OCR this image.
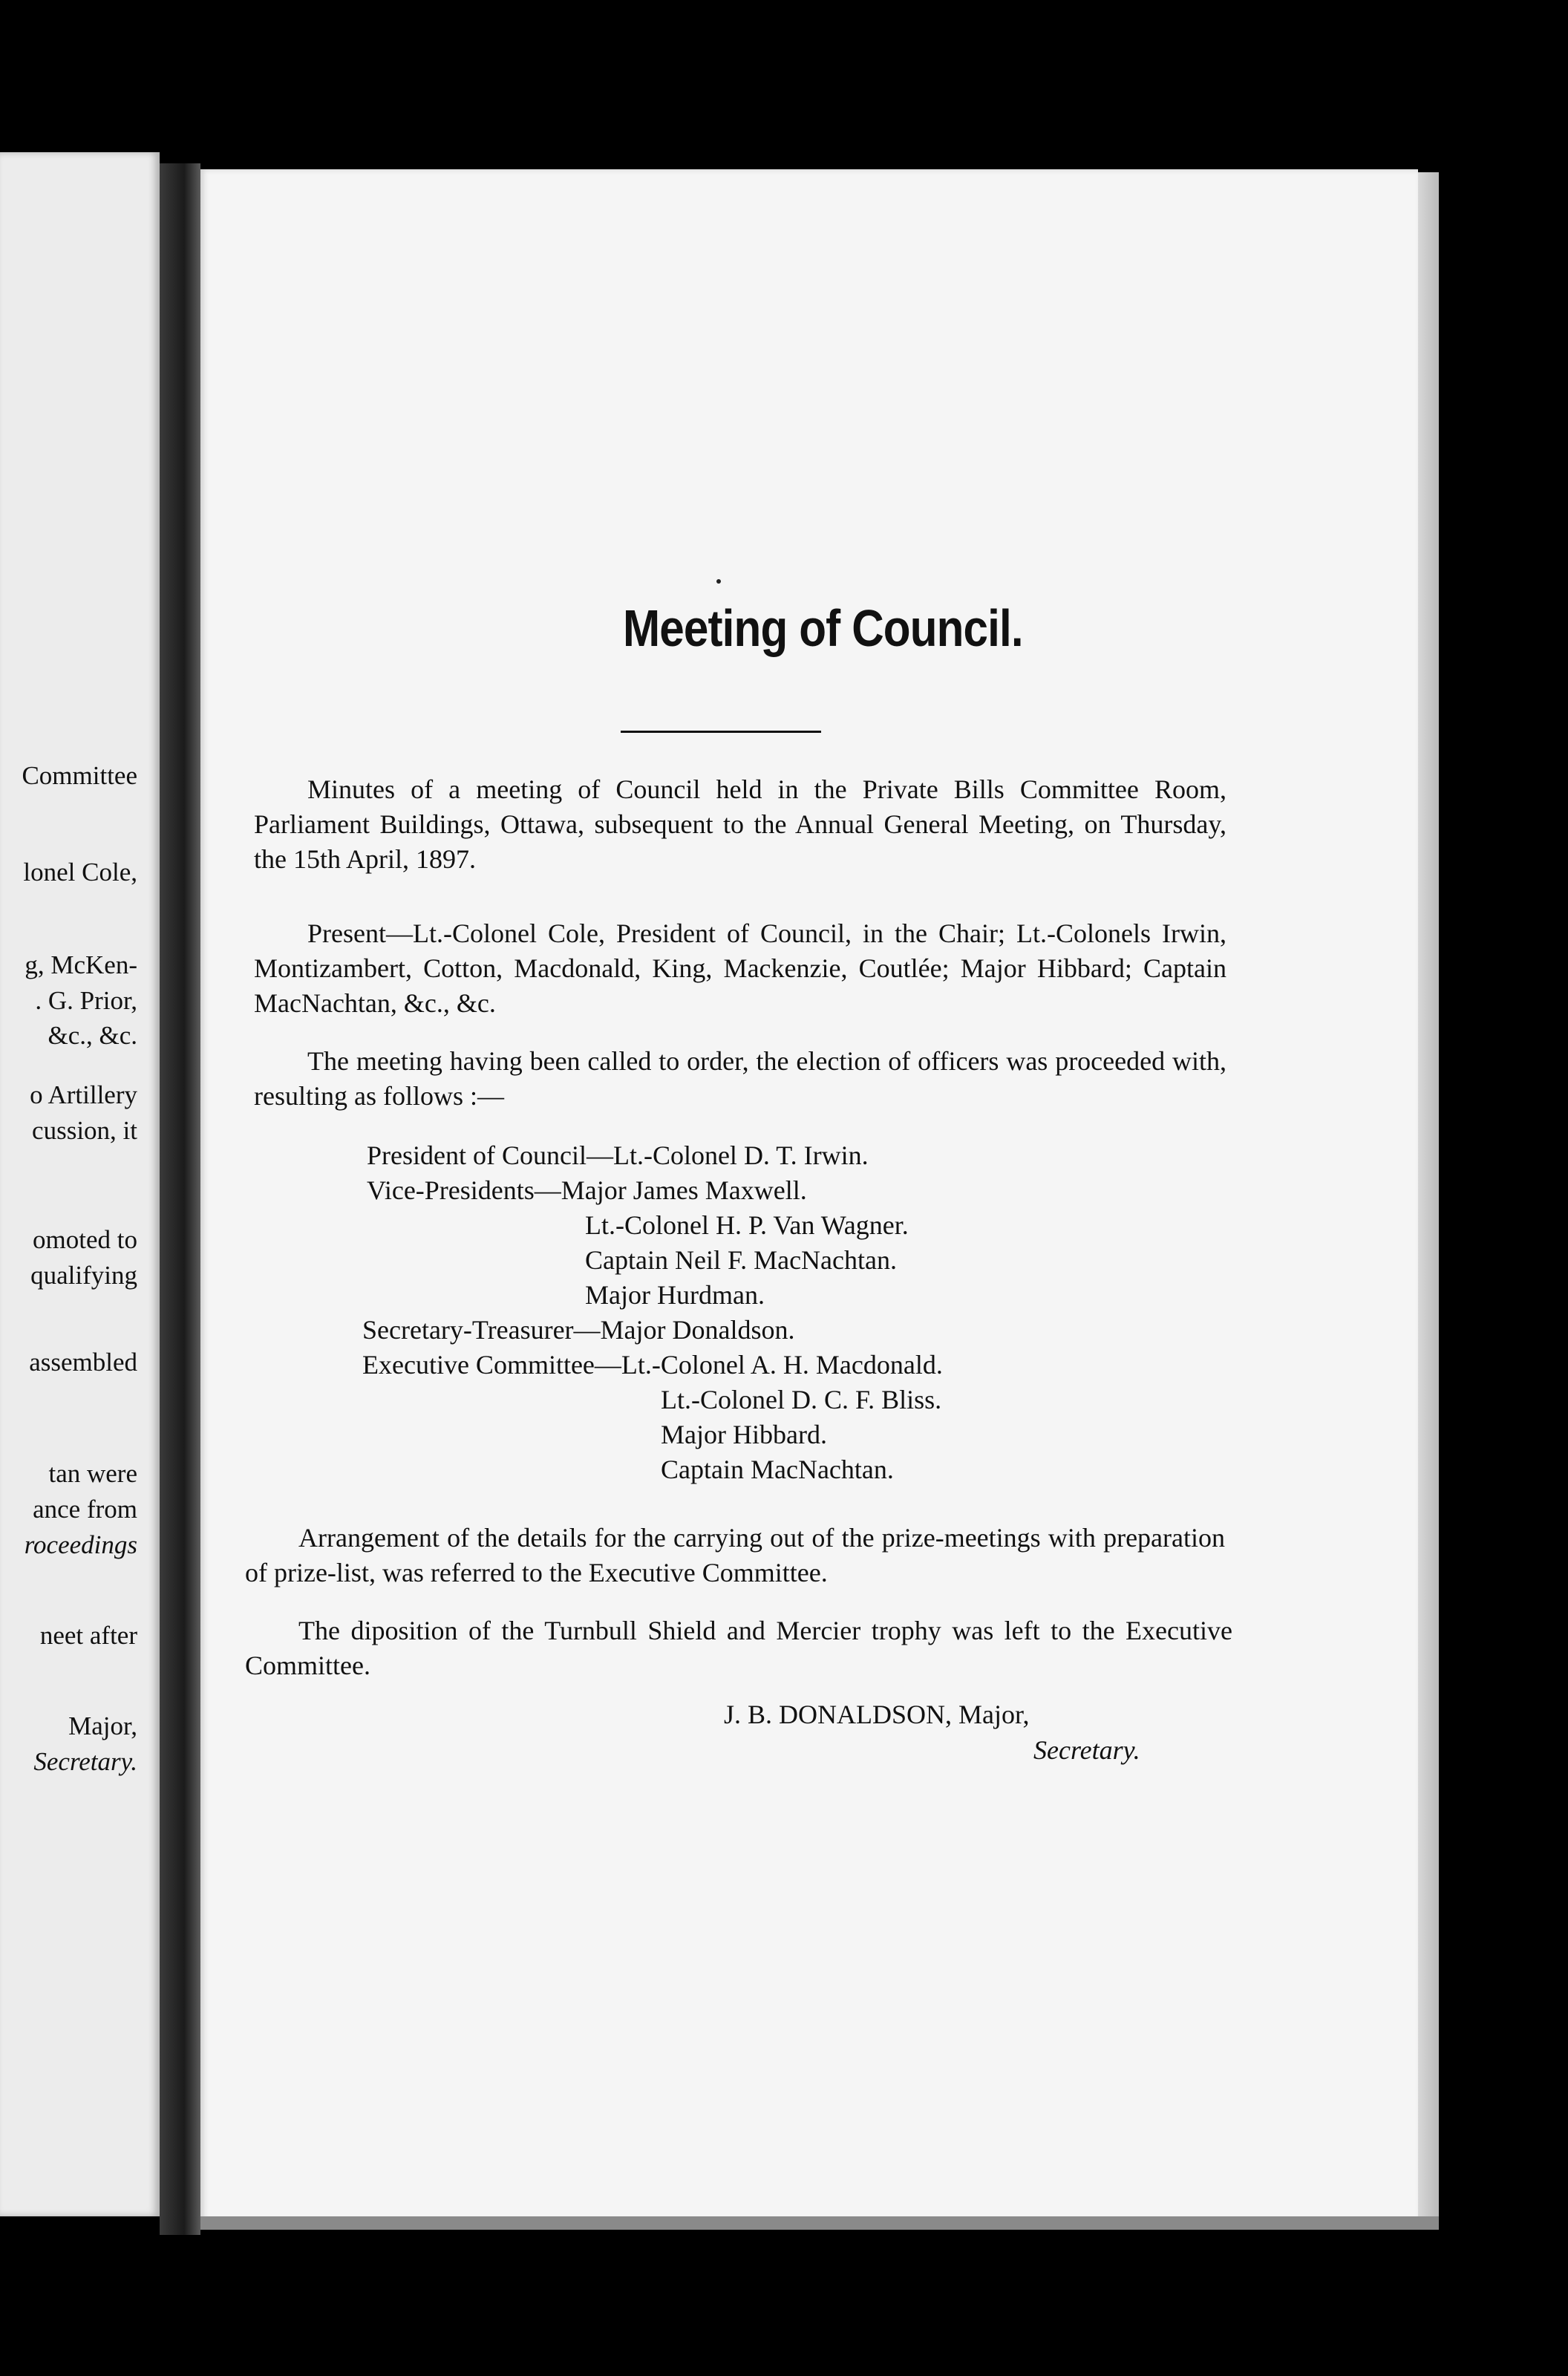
Committee
lonel Cole,
g, McKen-
. G. Prior,
&c., &c.
o Artillery
cussion, it
omoted to
qualifying
assembled
tan were
ance from
roceedings
neet after
Major,
Secretary.
Meeting of Council.

Minutes of a meeting of Council held in the Private Bills Committee Room, Parliament Buildings, Ottawa, subsequent to the Annual General Meeting, on Thursday, the 15th April, 1897.

Present—Lt.-Colonel Cole, President of Council, in the Chair; Lt.-Colonels Irwin, Montizambert, Cotton, Macdonald, King, Mackenzie, Coutlée; Major Hibbard; Captain MacNachtan, &c., &c.

The meeting having been called to order, the election of officers was proceeded with, resulting as follows :—

President of Council—Lt.-Colonel D. T. Irwin.
Vice-Presidents—Major James Maxwell.
Lt.-Colonel H. P. Van Wagner.
Captain Neil F. MacNachtan.
Major Hurdman.
Secretary-Treasurer—Major Donaldson.
Executive Committee—Lt.-Colonel A. H. Macdonald.
Lt.-Colonel D. C. F. Bliss.
Major Hibbard.
Captain MacNachtan.

Arrangement of the details for the carrying out of the prize-meetings with preparation of prize-list, was referred to the Executive Committee.

The diposition of the Turnbull Shield and Mercier trophy was left to the Executive Committee.

J. B. DONALDSON, Major,
Secretary.
